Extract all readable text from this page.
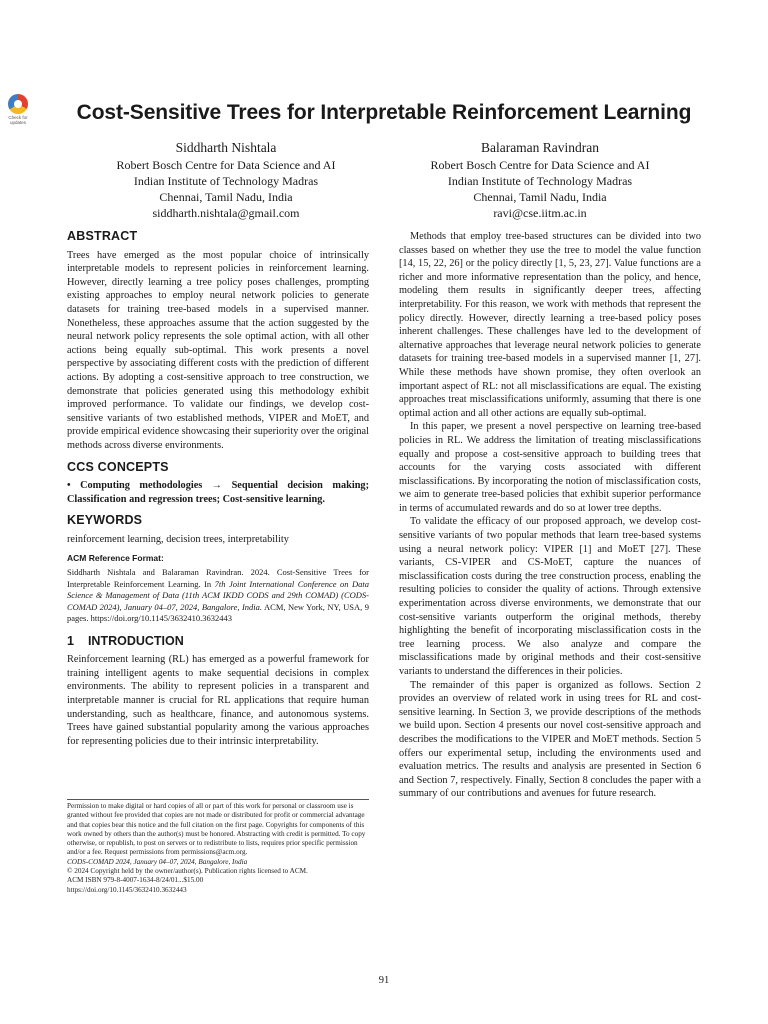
Check for
updates	Cost-Sensitive Trees for Interpretable Reinforcement Learning
Siddharth Nishtala
Robert Bosch Centre for Data Science and AI
Indian Institute of Technology Madras
Chennai, Tamil Nadu, India
siddharth.nishtala@gmail.com
Balaraman Ravindran
Robert Bosch Centre for Data Science and AI
Indian Institute of Technology Madras
Chennai, Tamil Nadu, India
ravi@cse.iitm.ac.in
ABSTRACT

Trees have emerged as the most popular choice of intrinsically interpretable models to represent policies in reinforcement learning. However, directly learning a tree policy poses challenges, prompting existing approaches to employ neural network policies to generate datasets for training tree-based models in a supervised manner. Nonetheless, these approaches assume that the action suggested by the neural network policy represents the sole optimal action, with all other actions being equally sub-optimal. This work presents a novel perspective by associating different costs with the prediction of different actions. By adopting a cost-sensitive approach to tree construction, we demonstrate that policies generated using this methodology exhibit improved performance. To validate our findings, we develop cost-sensitive variants of two established methods, VIPER and MoET, and provide empirical evidence showcasing their superiority over the original methods across diverse environments.

CCS CONCEPTS

• Computing methodologies → Sequential decision making; Classification and regression trees; Cost-sensitive learning.

KEYWORDS

reinforcement learning, decision trees, interpretability

ACM Reference Format:

Siddharth Nishtala and Balaraman Ravindran. 2024. Cost-Sensitive Trees for Interpretable Reinforcement Learning. In 7th Joint International Conference on Data Science & Management of Data (11th ACM IKDD CODS and 29th COMAD) (CODS-COMAD 2024), January 04–07, 2024, Bangalore, India. ACM, New York, NY, USA, 9 pages. https://doi.org/10.1145/3632410.3632443

1 INTRODUCTION

Reinforcement learning (RL) has emerged as a powerful framework for training intelligent agents to make sequential decisions in complex environments. The ability to represent policies in a transparent and interpretable manner is crucial for RL applications that require human understanding, such as healthcare, finance, and autonomous systems. Trees have gained substantial popularity among the various approaches for representing policies due to their intrinsic interpretability.

Permission to make digital or hard copies of all or part of this work for personal or classroom use is granted without fee provided that copies are not made or distributed for profit or commercial advantage and that copies bear this notice and the full citation on the first page. Copyrights for components of this work owned by others than the author(s) must be honored. Abstracting with credit is permitted. To copy otherwise, or republish, to post on servers or to redistribute to lists, requires prior specific permission and/or a fee. Request permissions from permissions@acm.org.

CODS-COMAD 2024, January 04–07, 2024, Bangalore, India

© 2024 Copyright held by the owner/author(s). Publication rights licensed to ACM.

ACM ISBN 979-8-4007-1634-8/24/01...$15.00

https://doi.org/10.1145/3632410.3632443

Methods that employ tree-based structures can be divided into two classes based on whether they use the tree to model the value function [14, 15, 22, 26] or the policy directly [1, 5, 23, 27]. Value functions are a richer and more informative representation than the policy, and hence, modeling them results in significantly deeper trees, affecting interpretability. For this reason, we work with methods that represent the policy directly. However, directly learning a tree-based policy poses inherent challenges. These challenges have led to the development of alternative approaches that leverage neural network policies to generate datasets for training tree-based models in a supervised manner [1, 27]. While these methods have shown promise, they often overlook an important aspect of RL: not all misclassifications are equal. The existing approaches treat misclassifications uniformly, assuming that there is one optimal action and all other actions are equally sub-optimal.

In this paper, we present a novel perspective on learning tree-based policies in RL. We address the limitation of treating misclassifications equally and propose a cost-sensitive approach to building trees that accounts for the varying costs associated with different misclassifications. By incorporating the notion of misclassification costs, we aim to generate tree-based policies that exhibit superior performance in terms of accumulated rewards and do so at lower tree depths.

To validate the efficacy of our proposed approach, we develop cost-sensitive variants of two popular methods that learn tree-based systems using a neural network policy: VIPER [1] and MoET [27]. These variants, CS-VIPER and CS-MoET, capture the nuances of misclassification costs during the tree construction process, enabling the resulting policies to consider the quality of actions. Through extensive experimentation across diverse environments, we demonstrate that our cost-sensitive variants outperform the original methods, thereby highlighting the benefit of incorporating misclassification costs in the tree learning process. We also analyze and compare the misclassifications made by original methods and their cost-sensitive variants to understand the differences in their policies.

The remainder of this paper is organized as follows. Section 2 provides an overview of related work in using trees for RL and cost-sensitive learning. In Section 3, we provide descriptions of the methods we build upon. Section 4 presents our novel cost-sensitive approach and describes the modifications to the VIPER and MoET methods. Section 5 offers our experimental setup, including the environments used and evaluation metrics. The results and analysis are presented in Section 6 and Section 7, respectively. Finally, Section 8 concludes the paper with a summary of our contributions and avenues for future research.

91
